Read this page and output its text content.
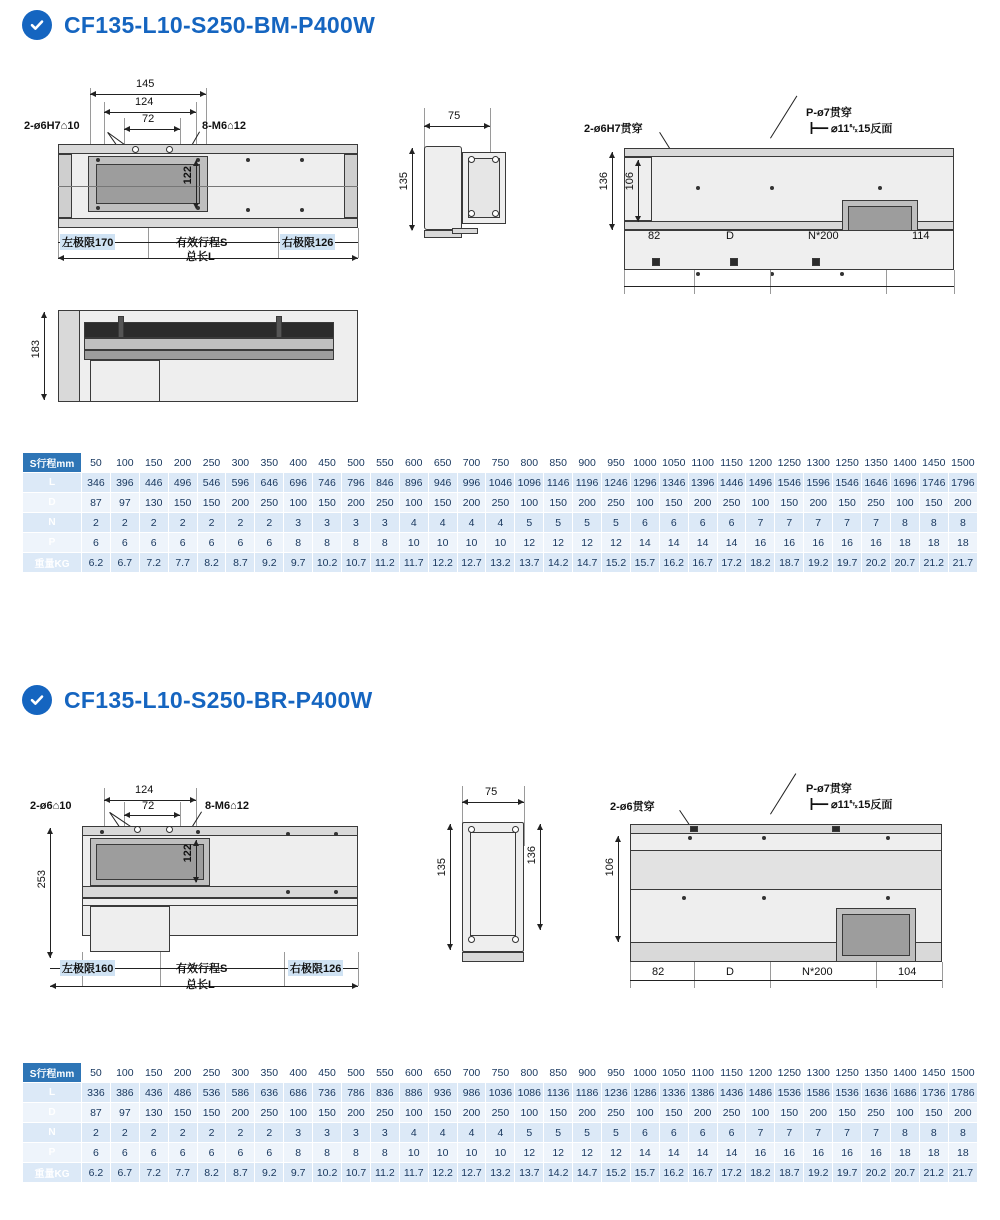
CF135-L10-S250-BM-P400W
145
124
72
2-ø6H7⌂10	8-M6⌂12
122
左极限170	有效行程S	右极限126
总长L
75
135
2-ø6H7贯穿
P-ø7贯穿
┣━ ⌀11␂15反面
136 106
82	D	N*200	114
183
S行程mm	50	100	150	200	250	300	350	400	450	500	550	600	650	700	750	800	850	900	950	1000	1050	1100	1150	1200	1250	1300	1250	1350	1400	1450	1500
L	346	396	446	496	546	596	646	696	746	796	846	896	946	996	1046	1096	1146	1196	1246	1296	1346	1396	1446	1496	1546	1596	1546	1646	1696	1746	1796
D	87	97	130	150	150	200	250	100	150	200	250	100	150	200	250	100	150	200	250	100	150	200	250	100	150	200	150	250	100	150	200
N	2	2	2	2	2	2	2	3	3	3	3	4	4	4	4	5	5	5	5	6	6	6	6	7	7	7	7	7	8	8	8
P	6	6	6	6	6	6	6	8	8	8	8	10	10	10	10	12	12	12	12	14	14	14	14	16	16	16	16	16	18	18	18
重量KG	6.2	6.7	7.2	7.7	8.2	8.7	9.2	9.7	10.2	10.7	11.2	11.7	12.2	12.7	13.2	13.7	14.2	14.7	15.2	15.7	16.2	16.7	17.2	18.2	18.7	19.2	19.7	20.2	20.7	21.2	21.7
CF135-L10-S250-BR-P400W
124
72
2-ø6⌂10	8-M6⌂12
122
253
左极限160	有效行程S	右极限126
总长L
75
135
136
2-ø6贯穿
P-ø7贯穿
┣━ ⌀11␂15反面
106
82	D	N*200	104
S行程mm	50	100	150	200	250	300	350	400	450	500	550	600	650	700	750	800	850	900	950	1000	1050	1100	1150	1200	1250	1300	1250	1350	1400	1450	1500
L	336	386	436	486	536	586	636	686	736	786	836	886	936	986	1036	1086	1136	1186	1236	1286	1336	1386	1436	1486	1536	1586	1536	1636	1686	1736	1786
D	87	97	130	150	150	200	250	100	150	200	250	100	150	200	250	100	150	200	250	100	150	200	250	100	150	200	150	250	100	150	200
N	2	2	2	2	2	2	2	3	3	3	3	4	4	4	4	5	5	5	5	6	6	6	6	7	7	7	7	7	8	8	8
P	6	6	6	6	6	6	6	8	8	8	8	10	10	10	10	12	12	12	12	14	14	14	14	16	16	16	16	16	18	18	18
重量KG	6.2	6.7	7.2	7.7	8.2	8.7	9.2	9.7	10.2	10.7	11.2	11.7	12.2	12.7	13.2	13.7	14.2	14.7	15.2	15.7	16.2	16.7	17.2	18.2	18.7	19.2	19.7	20.2	20.7	21.2	21.7
